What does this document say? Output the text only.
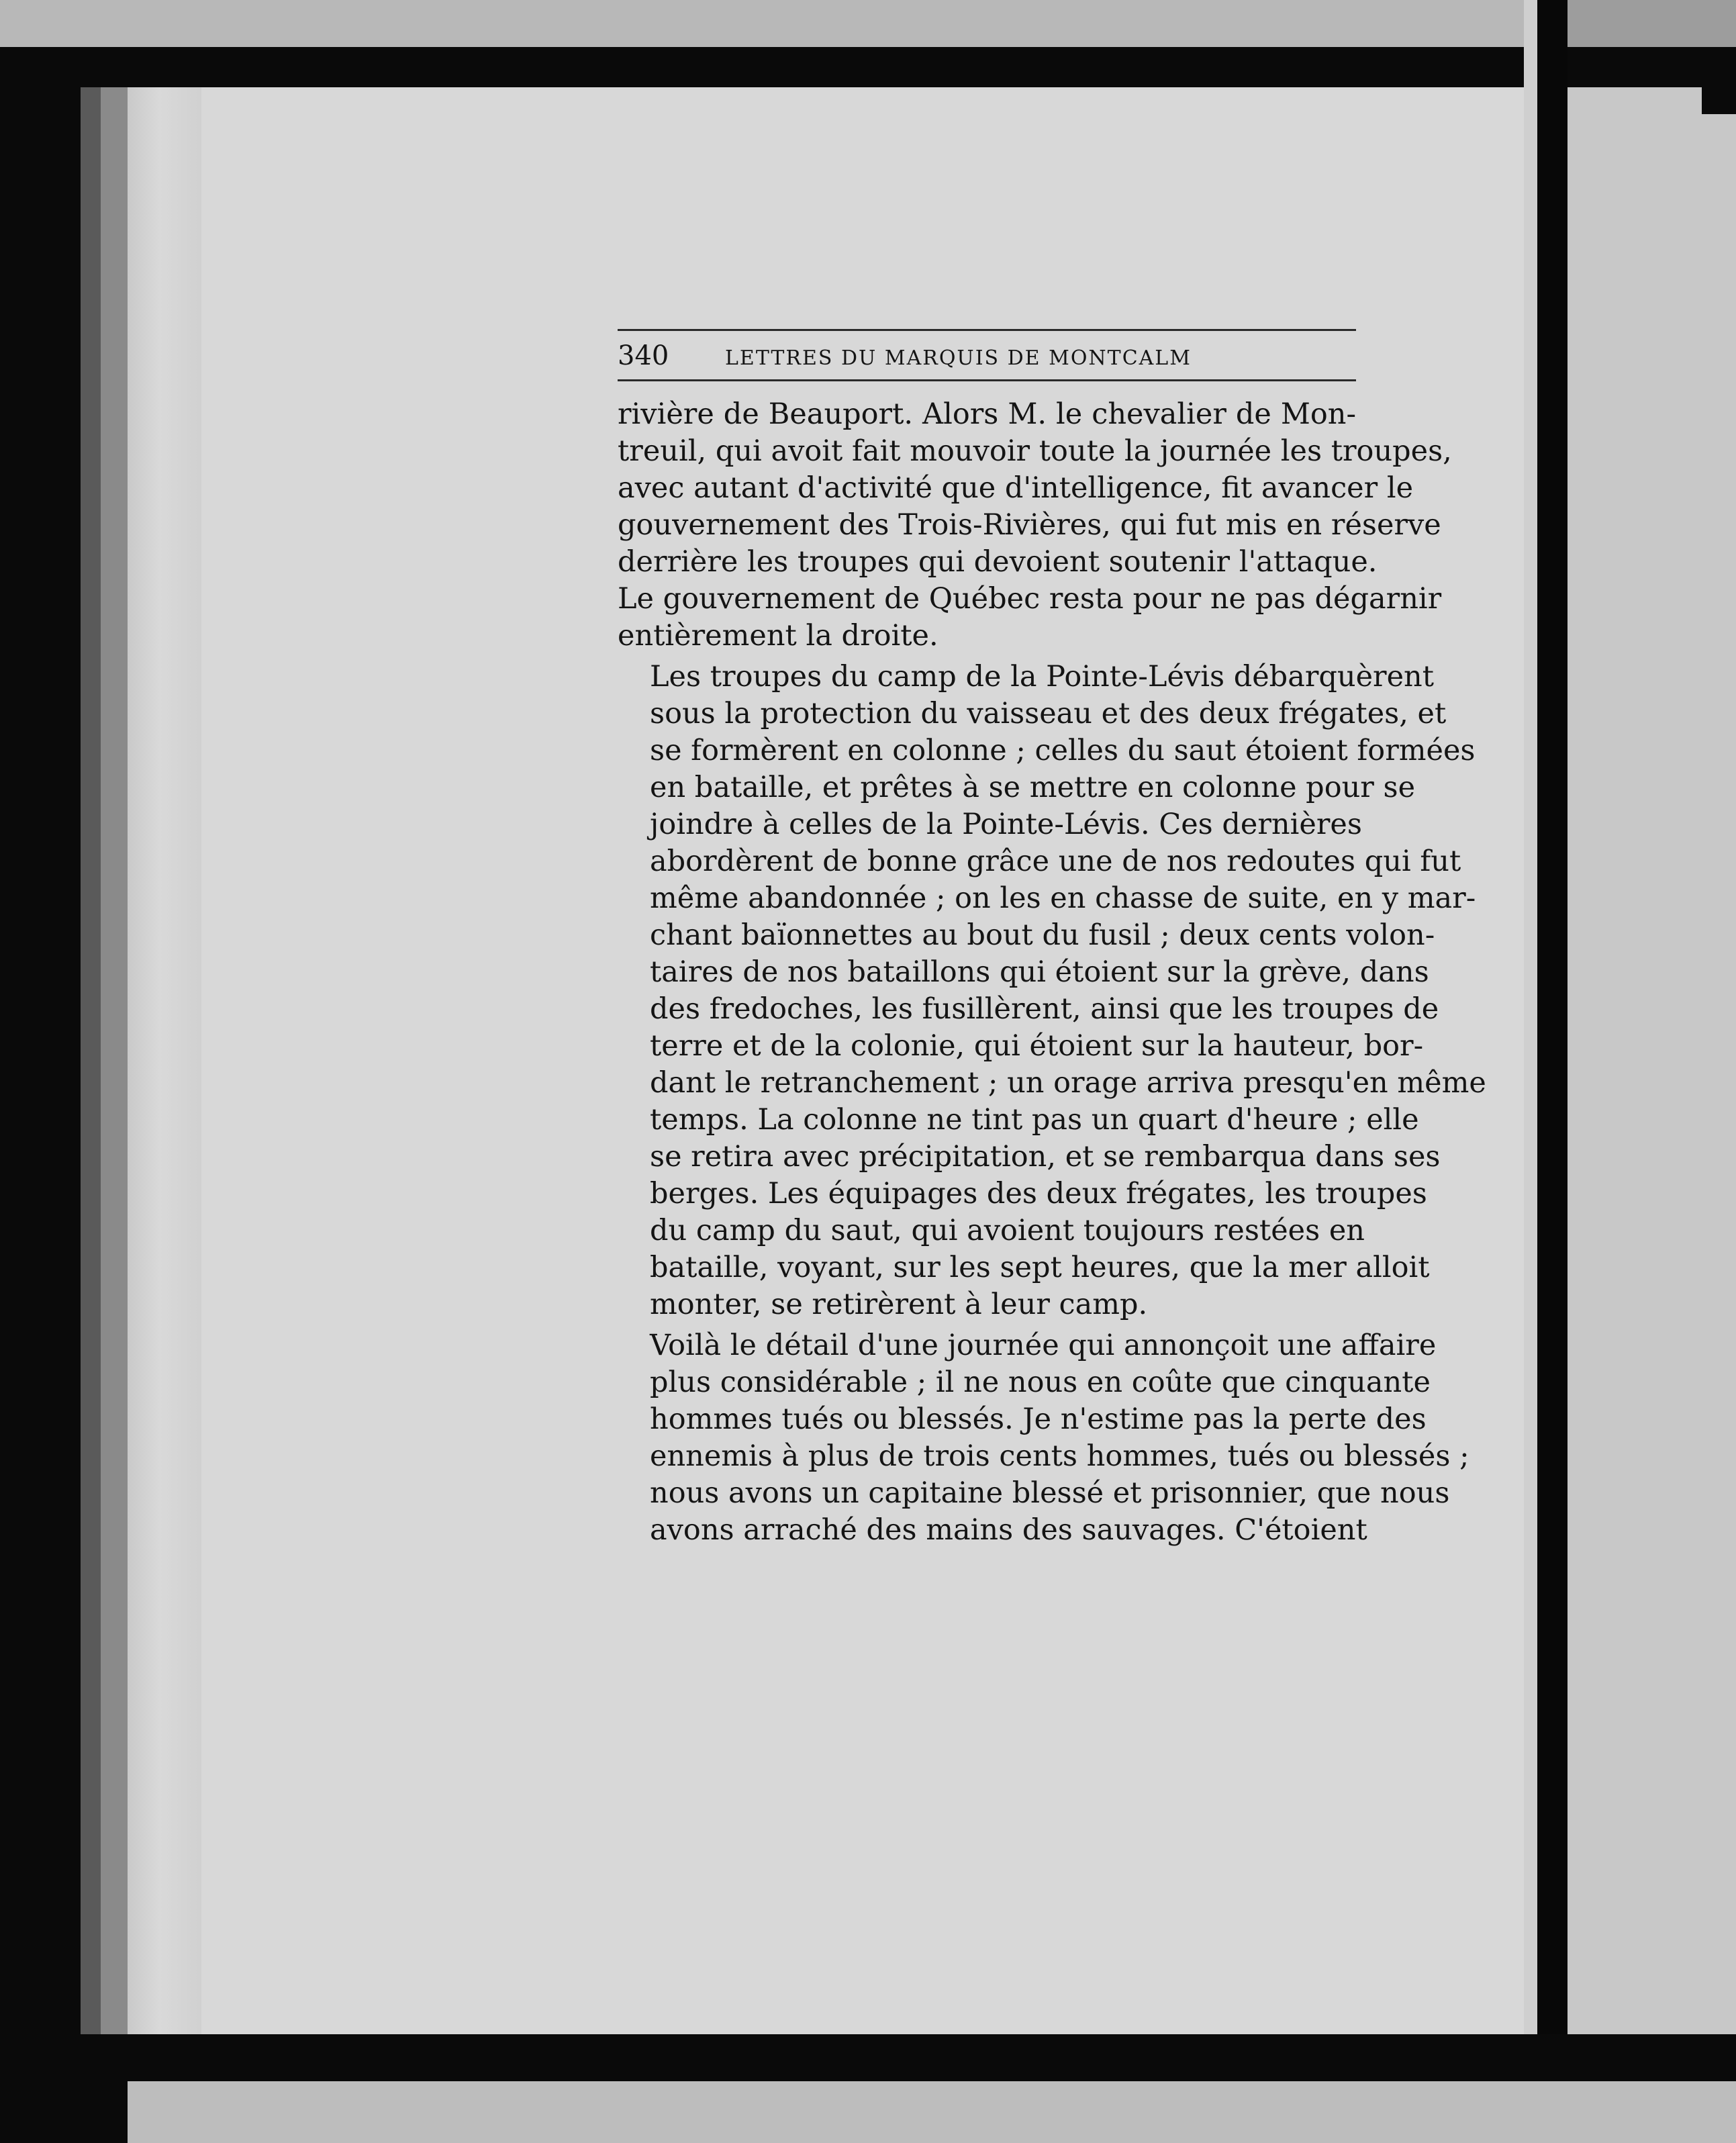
340	LETTRES DU MARQUIS DE MONTCALM

rivière de Beauport. Alors M. le chevalier de Mon-
treuil, qui avoit fait mouvoir toute la journée les troupes,
avec autant d'activité que d'intelligence, fit avancer le
gouvernement des Trois-Rivières, qui fut mis en réserve
derrière les troupes qui devoient soutenir l'attaque.
Le gouvernement de Québec resta pour ne pas dégarnir
entièrement la droite.

Les troupes du camp de la Pointe-Lévis débarquèrent
sous la protection du vaisseau et des deux frégates, et
se formèrent en colonne ; celles du saut étoient formées
en bataille, et prêtes à se mettre en colonne pour se
joindre à celles de la Pointe-Lévis. Ces dernières
abordèrent de bonne grâce une de nos redoutes qui fut
même abandonnée ; on les en chasse de suite, en y mar-
chant baïonnettes au bout du fusil ; deux cents volon-
taires de nos bataillons qui étoient sur la grève, dans
des fredoches, les fusillèrent, ainsi que les troupes de
terre et de la colonie, qui étoient sur la hauteur, bor-
dant le retranchement ; un orage arriva presqu'en même
temps. La colonne ne tint pas un quart d'heure ; elle
se retira avec précipitation, et se rembarqua dans ses
berges. Les équipages des deux frégates, les troupes
du camp du saut, qui avoient toujours restées en
bataille, voyant, sur les sept heures, que la mer alloit
monter, se retirèrent à leur camp.

Voilà le détail d'une journée qui annonçoit une affaire
plus considérable ; il ne nous en coûte que cinquante
hommes tués ou blessés. Je n'estime pas la perte des
ennemis à plus de trois cents hommes, tués ou blessés ;
nous avons un capitaine blessé et prisonnier, que nous
avons arraché des mains des sauvages. C'étoient
